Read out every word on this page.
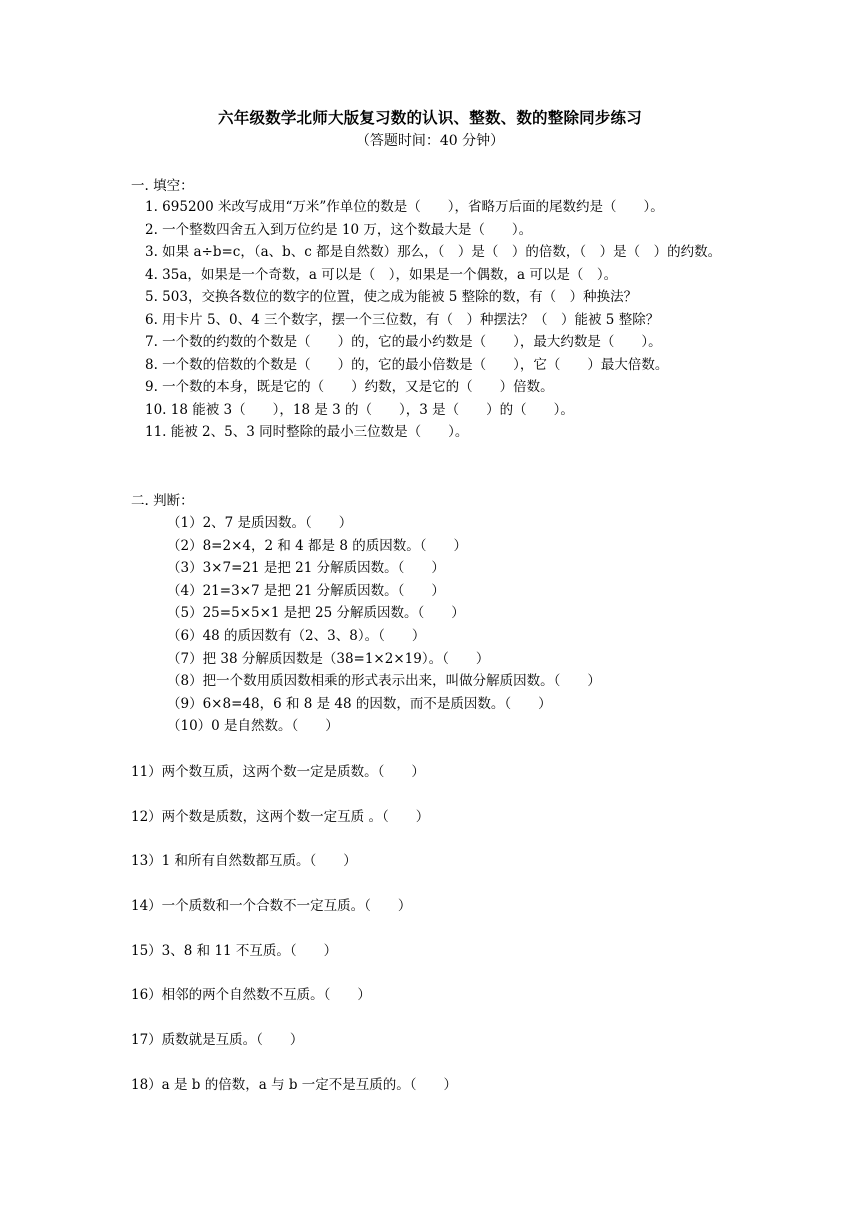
六年级数学北师大版复习数的认识、整数、数的整除同步练习
（答题时间：40 分钟）
一. 填空：
1. 695200 米改写成用“万米”作单位的数是（　　），省略万后面的尾数约是（　　）。
2. 一个整数四舍五入到万位约是 10 万，这个数最大是（　　）。
3. 如果 a÷b=c，（a、b、c 都是自然数）那么，（　）是（　）的倍数，（　）是（　）的约数。
4. 35a，如果是一个奇数，a 可以是（　），如果是一个偶数，a 可以是（　）。
5. 503，交换各数位的数字的位置，使之成为能被 5 整除的数，有（　）种换法？
6. 用卡片 5、0、4 三个数字，摆一个三位数，有（　）种摆法？（　）能被 5 整除？
7. 一个数的约数的个数是（　　）的，它的最小约数是（　　），最大约数是（　　）。
8. 一个数的倍数的个数是（　　）的，它的最小倍数是（　　），它（　　）最大倍数。
9. 一个数的本身，既是它的（　　）约数，又是它的（　　）倍数。
10. 18 能被 3（　　），18 是 3 的（　　），3 是（　　）的（　　）。
11. 能被 2、5、3 同时整除的最小三位数是（　　）。
二. 判断：
（1）2、7 是质因数。（　　）
（2）8=2×4，2 和 4 都是 8 的质因数。（　　）
（3）3×7=21 是把 21 分解质因数。（　　）
（4）21=3×7 是把 21 分解质因数。（　　）
（5）25=5×5×1 是把 25 分解质因数。（　　）
（6）48 的质因数有（2、3、8）。（　　）
（7）把 38 分解质因数是（38=1×2×19）。（　　）
（8）把一个数用质因数相乘的形式表示出来，叫做分解质因数。（　　）
（9）6×8=48，6 和 8 是 48 的因数，而不是质因数。（　　）
（10）0 是自然数。（　　）
11）两个数互质，这两个数一定是质数。（　　）
12）两个数是质数，这两个数一定互质 。（　　）
13）1 和所有自然数都互质。（　　）
14）一个质数和一个合数不一定互质。（　　）
15）3、8 和 11 不互质。（　　）
16）相邻的两个自然数不互质。（　　）
17）质数就是互质。（　　）
18）a 是 b 的倍数，a 与 b 一定不是互质的。（　　）
